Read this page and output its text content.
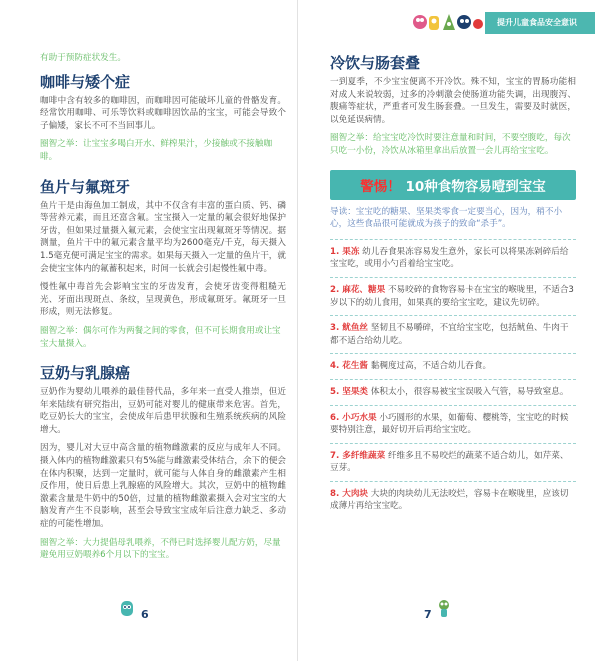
提升儿童食品安全意识
有助于预防症状发生。
咖啡与矮个症
咖啡中含有较多的咖啡因，而咖啡因可能破坏儿童的骨骼发育。经常饮用咖啡、可乐等饮料或咖啡因饮品的宝宝，可能会导致个子偏矮，家长不可不当回事儿。
圈智之举：让宝宝多喝白开水、鲜榨果汁，少接触或不接触咖啡。
鱼片与氟斑牙
鱼片干是由海鱼加工制成，其中不仅含有丰富的蛋白质、钙、磷等营养元素，而且还富含氟。宝宝摄入一定量的氟会很好地保护牙齿，但如果过量摄入氟元素，会使宝宝出现氟斑牙等情况。据测量，鱼片干中的氟元素含量平均为2600毫克/千克，每天摄入1.5毫克便可满足宝宝的需求。如果每天摄入一定量的鱼片干，就会使宝宝体内的氟蓄积起来，时间一长就会引起慢性氟中毒。
慢性氟中毒首先会影响宝宝的牙齿发育，会使牙齿变得粗糙无光、牙面出现斑点、条纹，呈现黄色，形成氟斑牙。氟斑牙一旦形成，则无法修复。
圈智之举：偶尔可作为两餐之间的零食，但不可长期食用或让宝宝大量摄入。
豆奶与乳腺癌
豆奶作为婴幼儿喂养的最佳替代品，多年来一直受人推崇，但近年来陆续有研究指出，豆奶可能对婴儿的健康带来危害。首先，吃豆奶长大的宝宝，会使成年后患甲状腺和生殖系统疾病的风险增大。
因为，婴儿对大豆中高含量的植物雌激素的反应与成年人不同。摄入体内的植物雌激素只有5%能与雌激素受体结合，余下的便会在体内积聚，达到一定量时，就可能与人体自身的雌激素产生相反作用，使日后患上乳腺癌的风险增大。其次，豆奶中的植物雌激素含量是牛奶中的50倍，过量的植物雌激素摄入会对宝宝的大脑发育产生不良影响，甚至会导致宝宝成年后注意力缺乏、多动症的可能性增加。
圈智之举：大力提倡母乳喂养，不得已时选择婴儿配方奶，尽量避免用豆奶喂养6个月以下的宝宝。
6
冷饮与肠套叠
一到夏季，不少宝宝便离不开冷饮。殊不知，宝宝的胃肠功能相对成人来说较弱，过多的冷刺激会使肠道功能失调，出现腹泻、腹痛等症状，严重者可发生肠套叠。一旦发生，需要及时就医，以免延误病情。
圈智之举：给宝宝吃冷饮时要注意量和时间，不要空腹吃，每次只吃一小份，冷饮从冰箱里拿出后放置一会儿再给宝宝吃。
警惕！ 10种食物容易噎到宝宝
导读：宝宝吃的糖果、坚果类零食一定要当心，因为，稍不小心，这些食品很可能就成为孩子的致命“杀手”。
1. 果冻 幼儿吞食果冻容易发生意外，家长可以将果冻剁碎后给宝宝吃，或用小勺舀着给宝宝吃。
2. 麻花、糖果 不易咬碎的食物容易卡在宝宝的喉咙里，不适合3岁以下的幼儿食用，如果真的要给宝宝吃，建议先切碎。
3. 鱿鱼丝 坚韧且不易嚼碎，不宜给宝宝吃，包括鱿鱼、牛肉干都不适合给幼儿吃。
4. 花生酱 黏稠度过高，不适合幼儿吞食。
5. 坚果类 体积太小，很容易被宝宝误吸入气管，易导致窒息。
6. 小巧水果 小巧圆形的水果，如葡萄、樱桃等，宝宝吃的时候要特别注意，最好切开后再给宝宝吃。
7. 多纤维蔬菜 纤维多且不易咬烂的蔬菜不适合幼儿，如芹菜、豆芽。
8. 大肉块 大块的肉块幼儿无法咬烂，容易卡在喉咙里，应该切成薄片再给宝宝吃。
7
